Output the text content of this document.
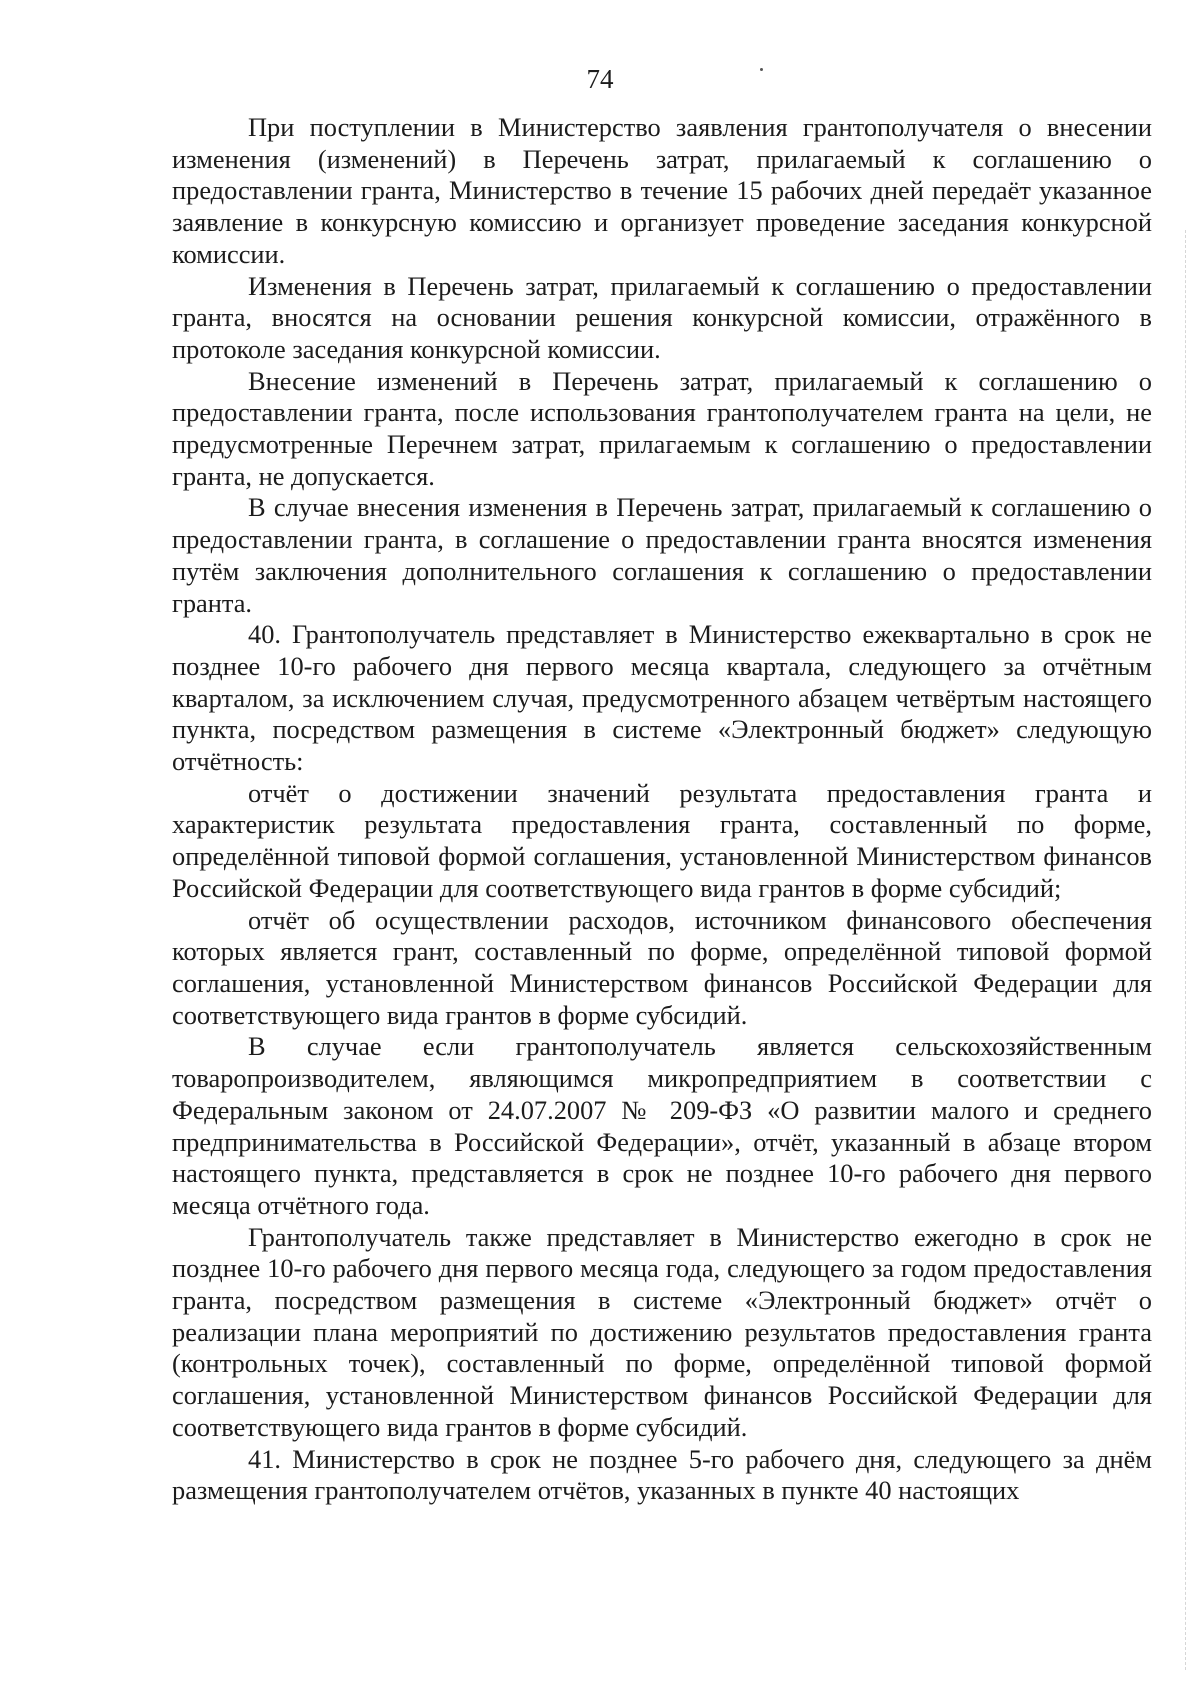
74

При поступлении в Министерство заявления грантополучателя о внесении изменения (изменений) в Перечень затрат, прилагаемый к соглашению о предоставлении гранта, Министерство в течение 15 рабочих дней передаёт указанное заявление в конкурсную комиссию и организует проведение заседания конкурсной комиссии.

Изменения в Перечень затрат, прилагаемый к соглашению о предоставлении гранта, вносятся на основании решения конкурсной комиссии, отражённого в протоколе заседания конкурсной комиссии.

Внесение изменений в Перечень затрат, прилагаемый к соглашению о предоставлении гранта, после использования грантополучателем гранта на цели, не предусмотренные Перечнем затрат, прилагаемым к соглашению о предоставлении гранта, не допускается.

В случае внесения изменения в Перечень затрат, прилагаемый к соглашению о предоставлении гранта, в соглашение о предоставлении гранта вносятся изменения путём заключения дополнительного соглашения к соглашению о предоставлении гранта.

40. Грантополучатель представляет в Министерство ежеквартально в срок не позднее 10-го рабочего дня первого месяца квартала, следующего за отчётным кварталом, за исключением случая, предусмотренного абзацем четвёртым настоящего пункта, посредством размещения в системе «Электронный бюджет» следующую отчётность:

отчёт о достижении значений результата предоставления гранта и характеристик результата предоставления гранта, составленный по форме, определённой типовой формой соглашения, установленной Министерством финансов Российской Федерации для соответствующего вида грантов в форме субсидий;

отчёт об осуществлении расходов, источником финансового обеспечения которых является грант, составленный по форме, определённой типовой формой соглашения, установленной Министерством финансов Российской Федерации для соответствующего вида грантов в форме субсидий.

В случае если грантополучатель является сельскохозяйственным товаропроизводителем, являющимся микропредприятием в соответствии с Федеральным законом от 24.07.2007 № 209-ФЗ «О развитии малого и среднего предпринимательства в Российской Федерации», отчёт, указанный в абзаце втором настоящего пункта, представляется в срок не позднее 10-го рабочего дня первого месяца отчётного года.

Грантополучатель также представляет в Министерство ежегодно в срок не позднее 10-го рабочего дня первого месяца года, следующего за годом предоставления гранта, посредством размещения в системе «Электронный бюджет» отчёт о реализации плана мероприятий по достижению результатов предоставления гранта (контрольных точек), составленный по форме, определённой типовой формой соглашения, установленной Министерством финансов Российской Федерации для соответствующего вида грантов в форме субсидий.

41. Министерство в срок не позднее 5-го рабочего дня, следующего за днём размещения грантополучателем отчётов, указанных в пункте 40 настоящих
